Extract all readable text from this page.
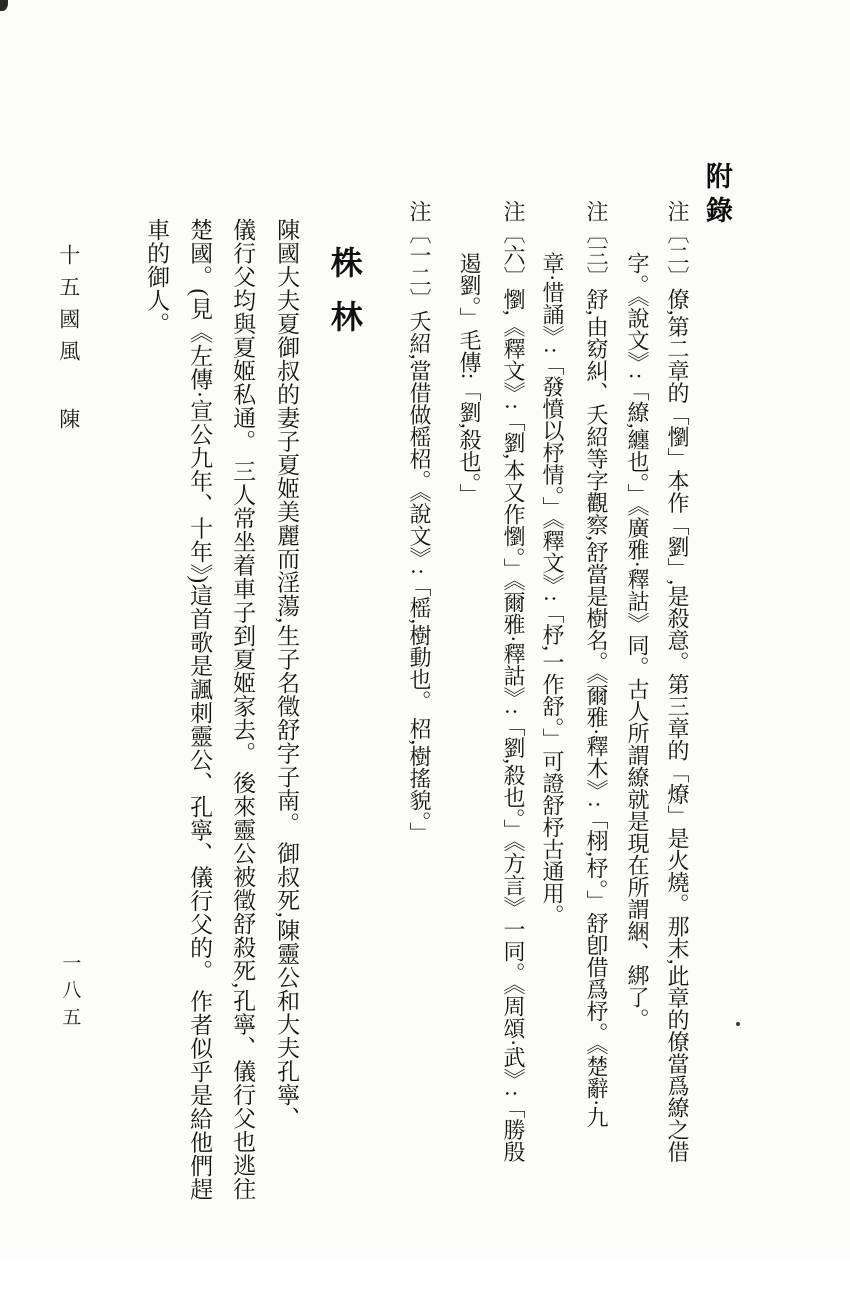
附錄
注〔二〕僚,第二章的「懰」本作「劉」,是殺意。第三章的「燎」是火燒。那末,此章的僚當爲繚之借
字。《說文》:「繚,纏也。」《廣雅·釋詁》同。古人所謂繚就是現在所謂綑、綁了。
注〔三〕舒,由窈糾、夭紹等字觀察,舒當是樹名。《爾雅·釋木》:「栩,杼。」舒卽借爲杼。《楚辭·九
章·惜誦》:「發憤以杼情。」《釋文》:「杼,一作舒。」可證舒杼古通用。
注〔六〕懰,《釋文》:「劉,本又作懰。」《爾雅·釋詁》:「劉,殺也。」《方言》一同。《周頌·武》:「勝殷
遏劉。」毛傳:「劉,殺也。」
注〔一二〕夭紹,當借做榣柖。《說文》:「榣,樹動也。 柖,樹搖貌。」
株林
陳國大夫夏御叔的妻子夏姬美麗而淫蕩,生子名徵舒字子南。 御叔死,陳靈公和大夫孔寧、
儀行父均與夏姬私通。 三人常坐着車子到夏姬家去。 後來靈公被徵舒殺死,孔寧、儀行父也逃往
楚國。(見《左傳·宣公九年、十年》)這首歌是諷刺靈公、孔寧、儀行父的。 作者似乎是給他們趕
車的御人。
十五國風
陳
一八五
